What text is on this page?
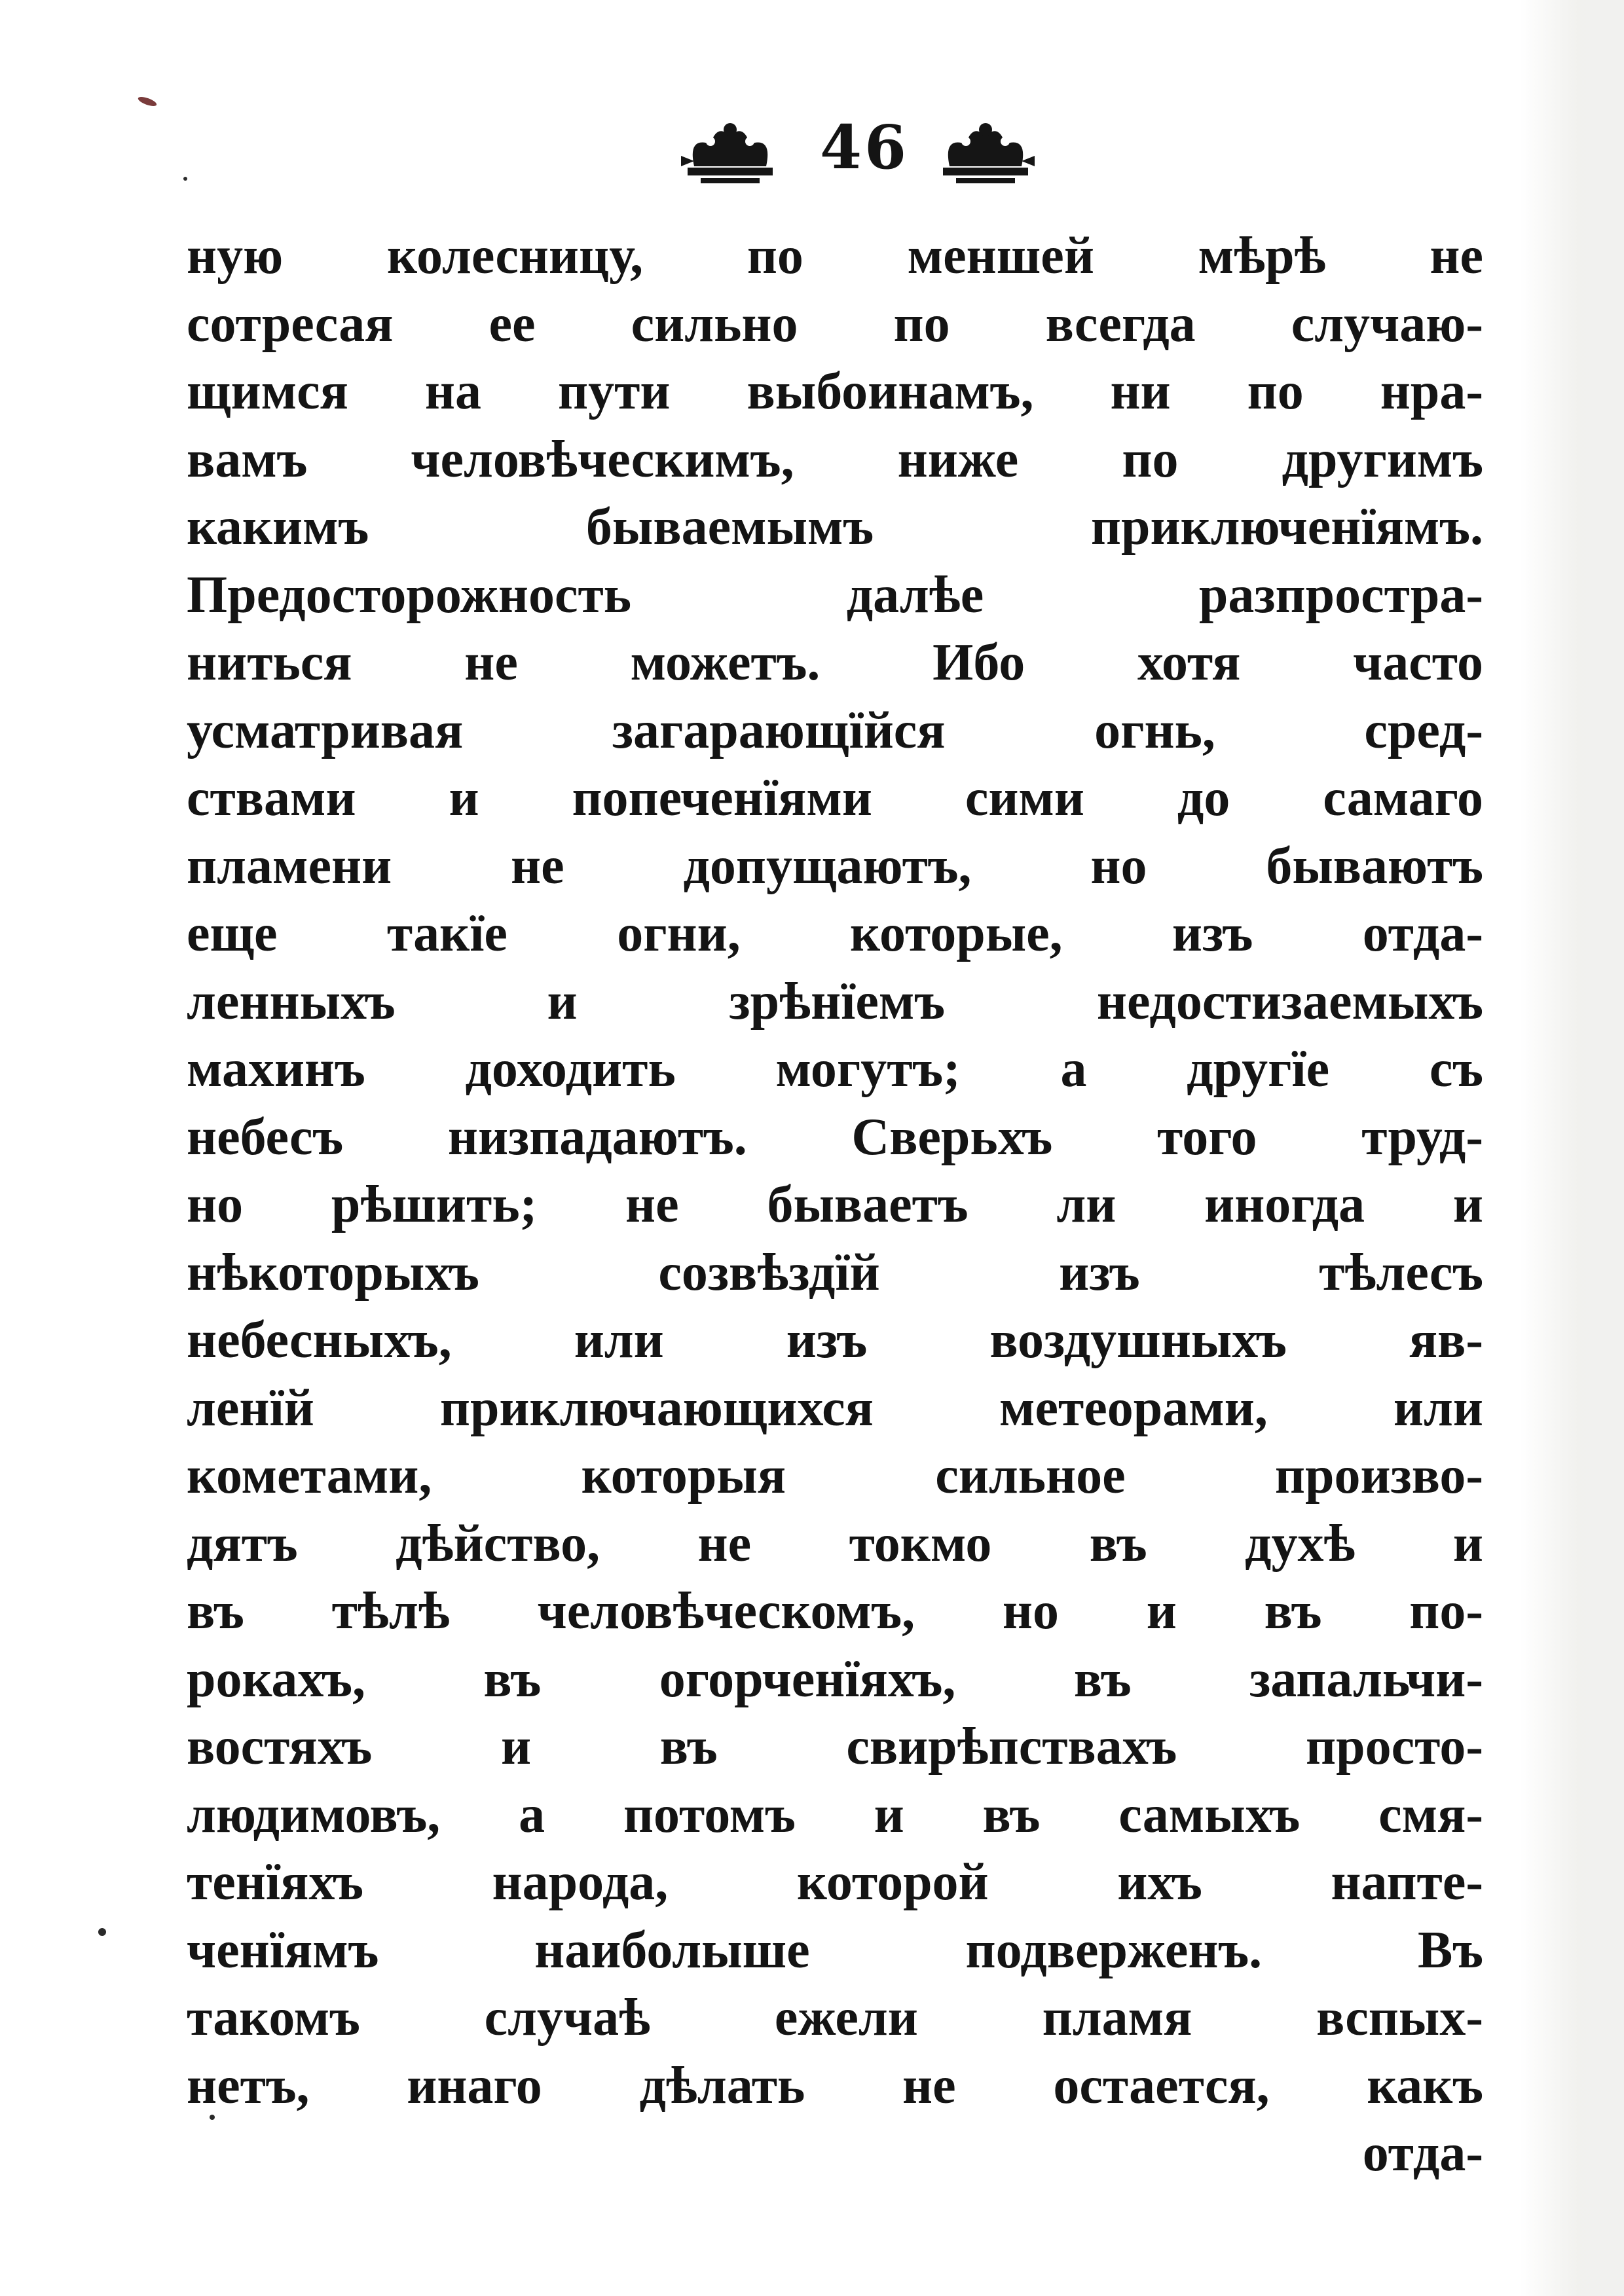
46
ную колесницу, по меншей мѣрѣ не
сотресая ее сильно по всегда случаю-
щимся на пути выбоинамъ, ни по нра-
вамъ человѣческимъ, ниже по другимъ
какимъ бываемымъ приключенïямъ.
Предосторожность далѣе разпростра-
ниться не можетъ. Ибо хотя часто
усматривая загарающïйся огнь, сред-
ствами и попеченïями сими до самаго
пламени не допущаютъ, но бываютъ
еще такïе огни, которые, изъ отда-
ленныхъ и зрѣнïемъ недостизаемыхъ
махинъ доходить могутъ; а другïе съ
небесъ низпадаютъ. Сверьхъ того труд-
но рѣшить; не бываетъ ли иногда и
нѣкоторыхъ созвѣздïй изъ тѣлесъ
небесныхъ, или изъ воздушныхъ яв-
ленïй приключающихся метеорами, или
кометами, которыя сильное произво-
дятъ дѣйство, не токмо въ духѣ и
въ тѣлѣ человѣческомъ, но и въ по-
рокахъ, въ огорченïяхъ, въ запальчи-
востяхъ и въ свирѣпствахъ просто-
людимовъ, а потомъ и въ самыхъ смя-
тенïяхъ народа, которой ихъ напте-
ченïямъ наиболыше подверженъ. Въ
такомъ случаѣ ежели пламя вспых-
нетъ, инаго дѣлать не остается, какъ
отда-
